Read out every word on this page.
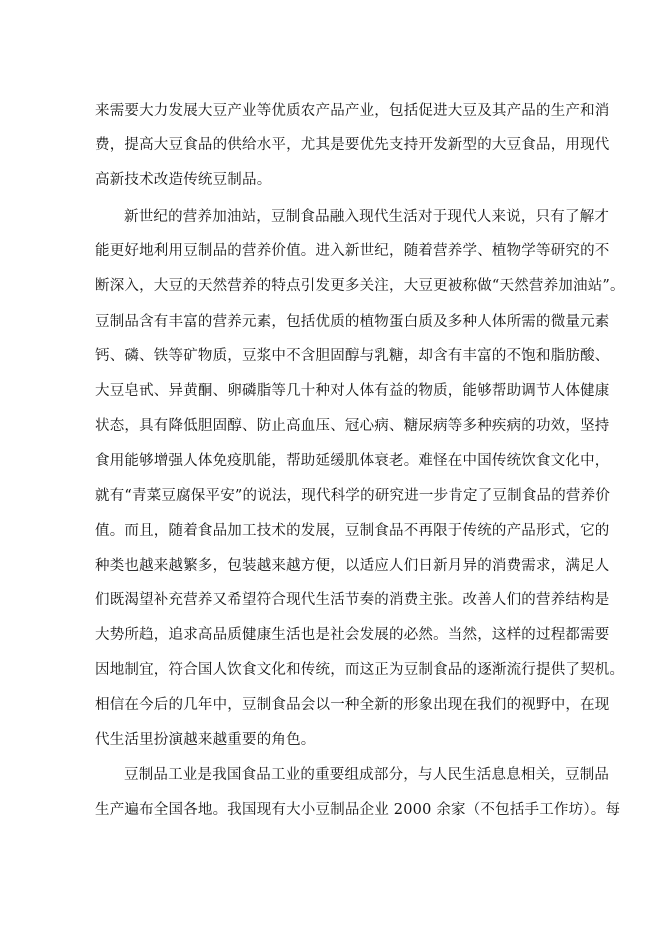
来需要大力发展大豆产业等优质农产品产业，包括促进大豆及其产品的生产和消
费，提高大豆食品的供给水平，尤其是要优先支持开发新型的大豆食品，用现代
高新技术改造传统豆制品。
新世纪的营养加油站，豆制食品融入现代生活对于现代人来说，只有了解才
能更好地利用豆制品的营养价值。进入新世纪，随着营养学、植物学等研究的不
断深入，大豆的天然营养的特点引发更多关注，大豆更被称做“天然营养加油站”。
豆制品含有丰富的营养元素，包括优质的植物蛋白质及多种人体所需的微量元素
钙、磷、铁等矿物质，豆浆中不含胆固醇与乳糖，却含有丰富的不饱和脂肪酸、
大豆皂甙、异黄酮、卵磷脂等几十种对人体有益的物质，能够帮助调节人体健康
状态，具有降低胆固醇、防止高血压、冠心病、糖尿病等多种疾病的功效，坚持
食用能够增强人体免疫肌能，帮助延缓肌体衰老。难怪在中国传统饮食文化中，
就有“青菜豆腐保平安”的说法，现代科学的研究进一步肯定了豆制食品的营养价
值。而且，随着食品加工技术的发展，豆制食品不再限于传统的产品形式，它的
种类也越来越繁多，包装越来越方便，以适应人们日新月异的消费需求，满足人
们既渴望补充营养又希望符合现代生活节奏的消费主张。改善人们的营养结构是
大势所趋，追求高品质健康生活也是社会发展的必然。当然，这样的过程都需要
因地制宜，符合国人饮食文化和传统，而这正为豆制食品的逐渐流行提供了契机。
相信在今后的几年中，豆制食品会以一种全新的形象出现在我们的视野中，在现
代生活里扮演越来越重要的角色。
豆制品工业是我国食品工业的重要组成部分，与人民生活息息相关，豆制品
生产遍布全国各地。我国现有大小豆制品企业 2000 余家（不包括手工作坊）。每
